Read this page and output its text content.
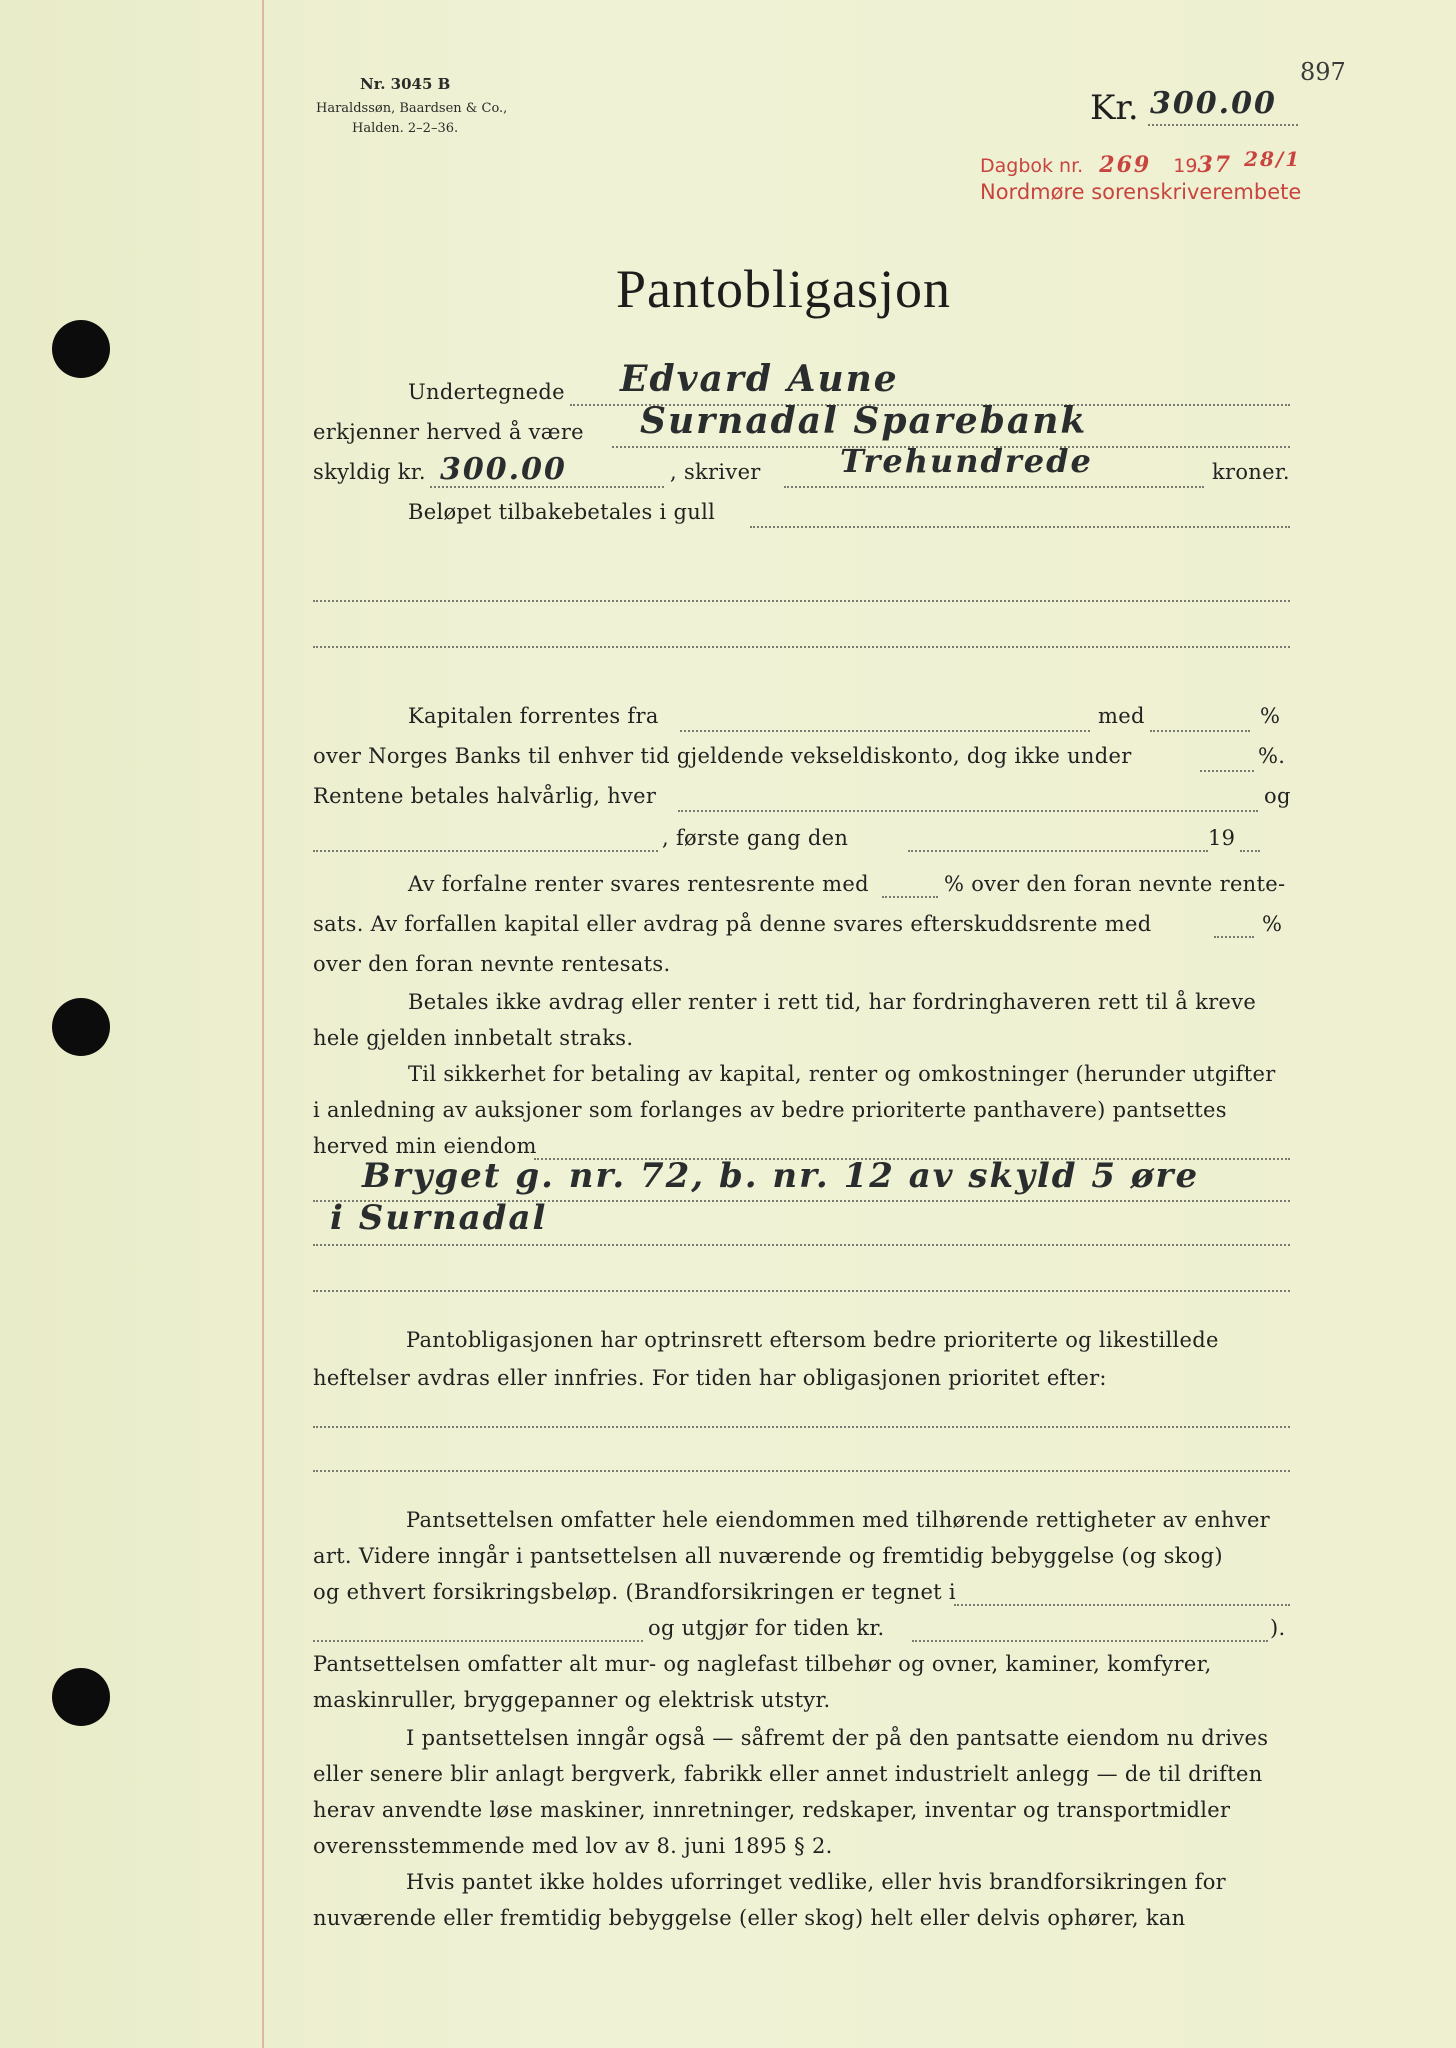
897
Nr. 3045 B
Haraldssøn, Baardsen & Co.,
Halden. 2–2–36.
Kr. 300.00
Dagbok nr. 269 1937 28/1
Nordmøre sorenskriverembete
Pantobligasjon
Undertegnede Edvard Aune
erkjenner herved å være Surnadal Sparebank
skyldig kr. 300.00	, skriver Trehundrede	kroner.
Beløpet tilbakebetales i gull
Kapitalen forrentes fra	med	%
over Norges Banks til enhver tid gjeldende vekseldiskonto, dog ikke under	%.
Rentene betales halvårlig, hver	og
, første gang den	19
Av forfalne renter svares rentesrente med	% over den foran nevnte rente-
sats. Av forfallen kapital eller avdrag på denne svares efterskuddsrente med	%
over den foran nevnte rentesats.
Betales ikke avdrag eller renter i rett tid, har fordringhaveren rett til å kreve
hele gjelden innbetalt straks.
Til sikkerhet for betaling av kapital, renter og omkostninger (herunder utgifter
i anledning av auksjoner som forlanges av bedre prioriterte panthavere) pantsettes
herved min eiendom
Bryget g. nr. 72, b. nr. 12 av skyld 5 øre
i Surnadal
Pantobligasjonen har optrinsrett eftersom bedre prioriterte og likestillede
heftelser avdras eller innfries. For tiden har obligasjonen prioritet efter:
Pantsettelsen omfatter hele eiendommen med tilhørende rettigheter av enhver
art. Videre inngår i pantsettelsen all nuværende og fremtidig bebyggelse (og skog)
og ethvert forsikringsbeløp. (Brandforsikringen er tegnet i
og utgjør for tiden kr.	).
Pantsettelsen omfatter alt mur- og naglefast tilbehør og ovner, kaminer, komfyrer,
maskinruller, bryggepanner og elektrisk utstyr.
I pantsettelsen inngår også — såfremt der på den pantsatte eiendom nu drives
eller senere blir anlagt bergverk, fabrikk eller annet industrielt anlegg — de til driften
herav anvendte løse maskiner, innretninger, redskaper, inventar og transportmidler
overensstemmende med lov av 8. juni 1895 § 2.
Hvis pantet ikke holdes uforringet vedlike, eller hvis brandforsikringen for
nuværende eller fremtidig bebyggelse (eller skog) helt eller delvis ophører, kan
